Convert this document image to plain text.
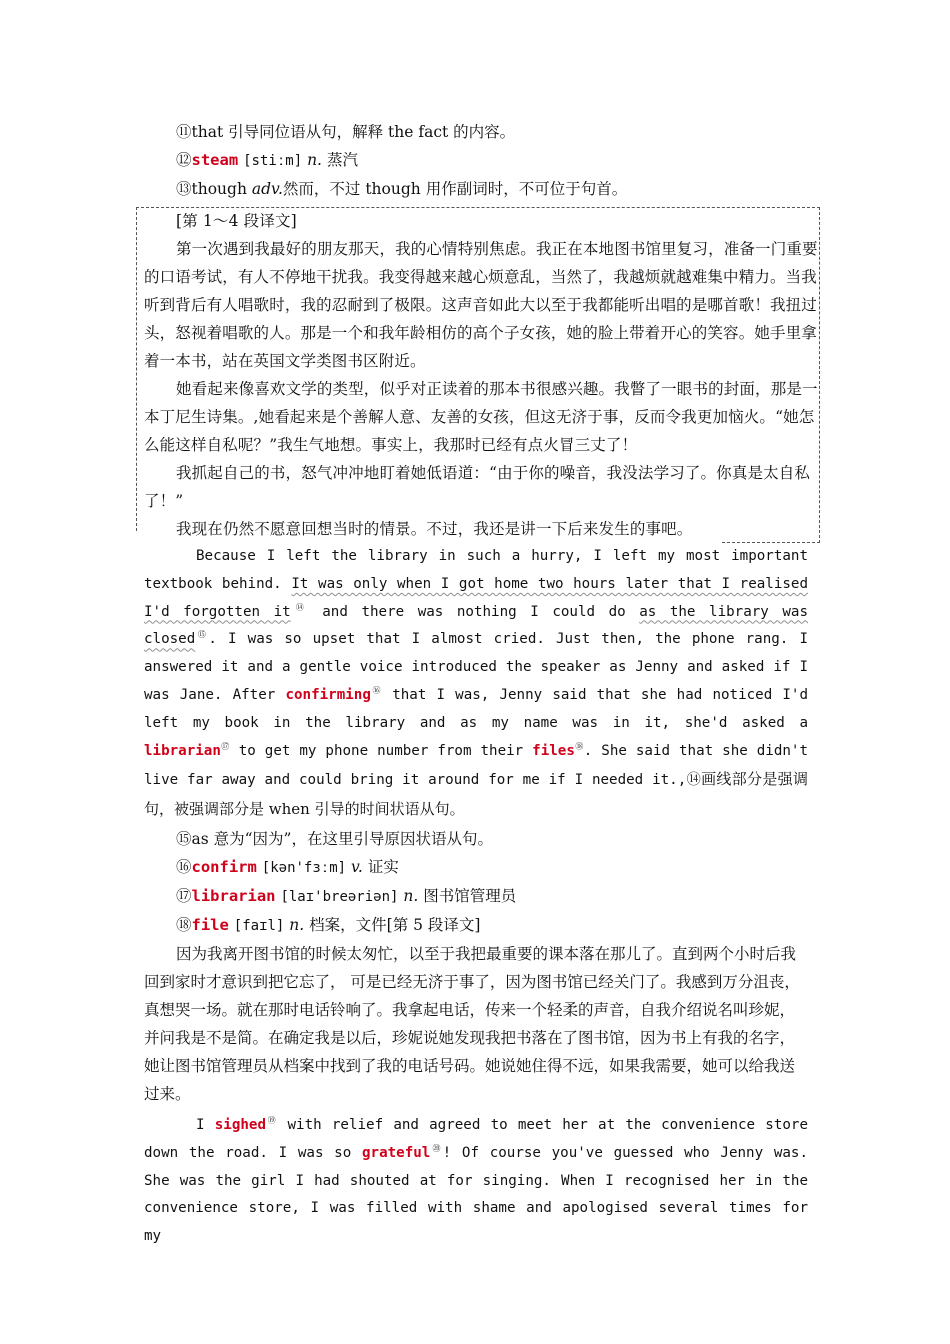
⑪that 引导同位语从句，解释 the fact 的内容。
⑫steam [stiːm] n. 蒸汽
⑬though adv.然而，不过 though 用作副词时，不可位于句首。
[第 1～4 段译文]
第一次遇到我最好的朋友那天，我的心情特别焦虑。我正在本地图书馆里复习，准备一门重要的口语考试，有人不停地干扰我。我变得越来越心烦意乱，当然了，我越烦就越难集中精力。当我听到背后有人唱歌时，我的忍耐到了极限。这声音如此大以至于我都能听出唱的是哪首歌！我扭过头，怒视着唱歌的人。那是一个和我年龄相仿的高个子女孩，她的脸上带着开心的笑容。她手里拿着一本书，站在英国文学类图书区附近。
她看起来像喜欢文学的类型，似乎对正读着的那本书很感兴趣。我瞥了一眼书的封面，那是一本丁尼生诗集。,她看起来是个善解人意、友善的女孩，但这无济于事，反而令我更加恼火。“她怎么能这样自私呢？”我生气地想。事实上，我那时已经有点火冒三丈了！
我抓起自己的书，怒气冲冲地盯着她低语道：“由于你的噪音，我没法学习了。你真是太自私了！”
我现在仍然不愿意回想当时的情景。不过，我还是讲一下后来发生的事吧。
Because I left the library in such a hurry, I left my most important textbook behind. It was only when I got home two hours later that I realised I'd forgotten it⑭ and there was nothing I could do as the library was closed⑮. I was so upset that I almost cried. Just then, the phone rang. I answered it and a gentle voice introduced the speaker as Jenny and asked if I was Jane. After confirming⑯ that I was, Jenny said that she had noticed I'd left my book in the library and as my name was in it, she'd asked a librarian⑰ to get my phone number from their files⑱. She said that she didn't live far away and could bring it around for me if I needed it.,⑭画线部分是强调句，被强调部分是 when 引导的时间状语从句。
⑮as 意为“因为”，在这里引导原因状语从句。
⑯confirm [kən'fɜːm] v. 证实
⑰librarian [laɪ'breəriən] n. 图书馆管理员
⑱file [faɪl] n. 档案，文件[第 5 段译文]
因为我离开图书馆的时候太匆忙，以至于我把最重要的课本落在那儿了。直到两个小时后我回到家时才意识到把它忘了， 可是已经无济于事了，因为图书馆已经关门了。我感到万分沮丧，真想哭一场。就在那时电话铃响了。我拿起电话，传来一个轻柔的声音，自我介绍说名叫珍妮，并问我是不是简。在确定我是以后，珍妮说她发现我把书落在了图书馆，因为书上有我的名字，她让图书馆管理员从档案中找到了我的电话号码。她说她住得不远，如果我需要，她可以给我送过来。
I sighed⑲ with relief and agreed to meet her at the convenience store down the road. I was so grateful⑳! Of course you've guessed who Jenny was. She was the girl I had shouted at for singing. When I recognised her in the convenience store, I was filled with shame and apologised several times for my
